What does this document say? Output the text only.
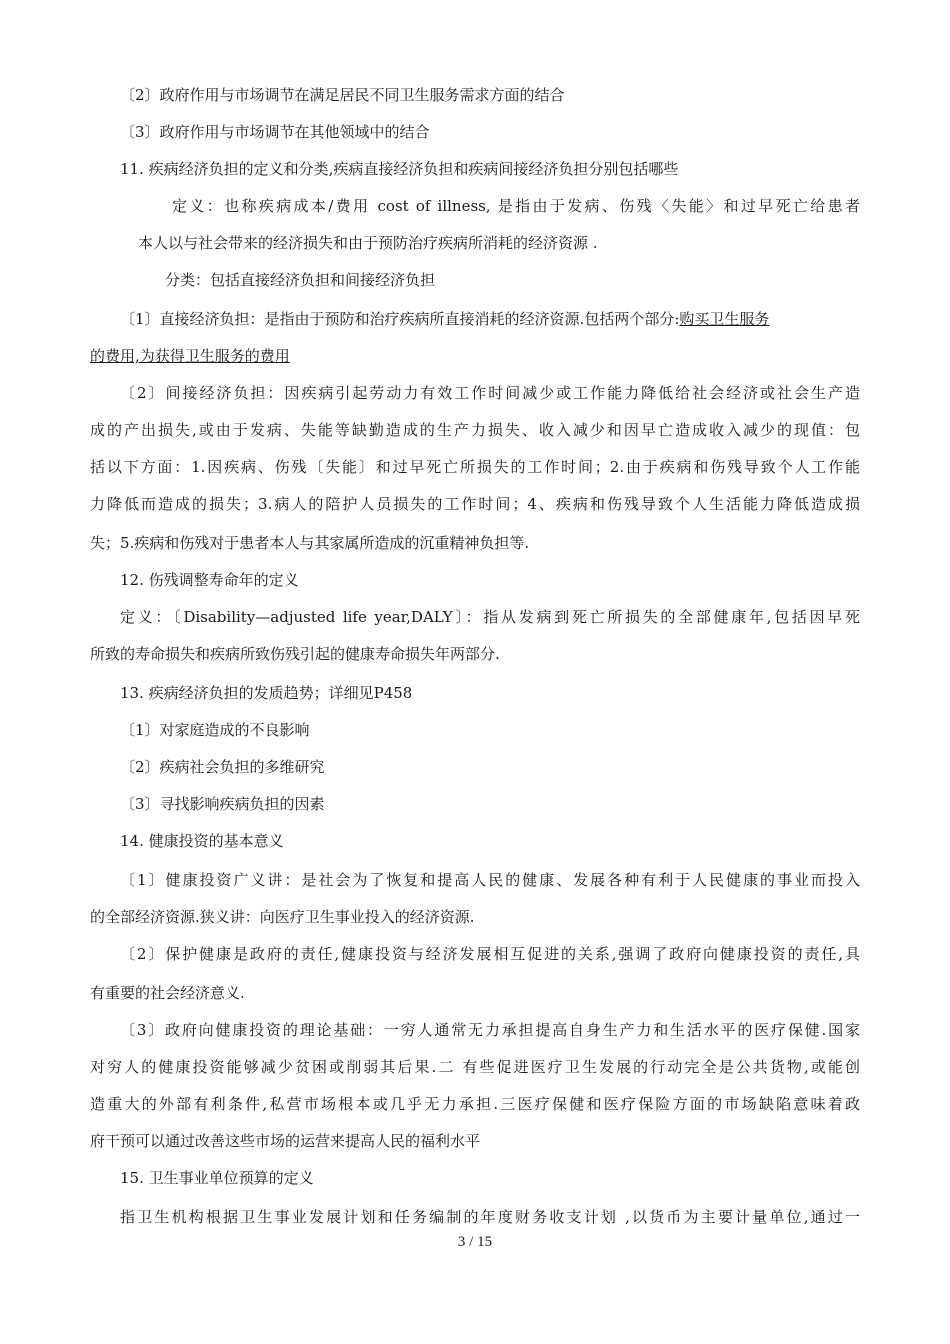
〔2〕政府作用与市场调节在满足居民不同卫生服务需求方面的结合
〔3〕政府作用与市场调节在其他领域中的结合
11. 疾病经济负担的定义和分类,疾病直接经济负担和疾病间接经济负担分别包括哪些
定义：也称疾病成本/费用 cost of illness, 是指由于发病、伤残〈失能〉和过早死亡给患者
本人以与社会带来的经济损失和由于预防治疗疾病所消耗的经济资源 .
分类：包括直接经济负担和间接经济负担
〔1〕直接经济负担：是指由于预防和治疗疾病所直接消耗的经济资源.包括两个部分:购买卫生服务
的费用,为获得卫生服务的费用
〔2〕间接经济负担：因疾病引起劳动力有效工作时间减少或工作能力降低给社会经济或社会生产造
成的产出损失,或由于发病、失能等缺勤造成的生产力损失、收入减少和因早亡造成收入减少的现值：包
括以下方面：1.因疾病、伤残〔失能〕和过早死亡所损失的工作时间；2.由于疾病和伤残导致个人工作能
力降低而造成的损失；3.病人的陪护人员损失的工作时间；4、疾病和伤残导致个人生活能力降低造成损
失；5.疾病和伤残对于患者本人与其家属所造成的沉重精神负担等.
12. 伤残调整寿命年的定义
定义：〔Disability—adjusted life year,DALY〕：指从发病到死亡所损失的全部健康年,包括因早死
所致的寿命损失和疾病所致伤残引起的健康寿命损失年两部分.
13. 疾病经济负担的发质趋势；详细见P458
〔1〕对家庭造成的不良影响
〔2〕疾病社会负担的多维研究
〔3〕寻找影响疾病负担的因素
14. 健康投资的基本意义
〔1〕健康投资广义讲：是社会为了恢复和提高人民的健康、发展各种有利于人民健康的事业而投入
的全部经济资源.狭义讲：向医疗卫生事业投入的经济资源.
〔2〕保护健康是政府的责任,健康投资与经济发展相互促进的关系,强调了政府向健康投资的责任,具
有重要的社会经济意义.
〔3〕政府向健康投资的理论基础：一穷人通常无力承担提高自身生产力和生活水平的医疗保健.国家
对穷人的健康投资能够减少贫困或削弱其后果.二 有些促进医疗卫生发展的行动完全是公共货物,或能创
造重大的外部有利条件,私营市场根本或几乎无力承担.三医疗保健和医疗保险方面的市场缺陷意味着政
府干预可以通过改善这些市场的运营来提高人民的福利水平
15. 卫生事业单位预算的定义
指卫生机构根据卫生事业发展计划和任务编制的年度财务收支计划 ,以货币为主要计量单位,通过一
3 / 15
